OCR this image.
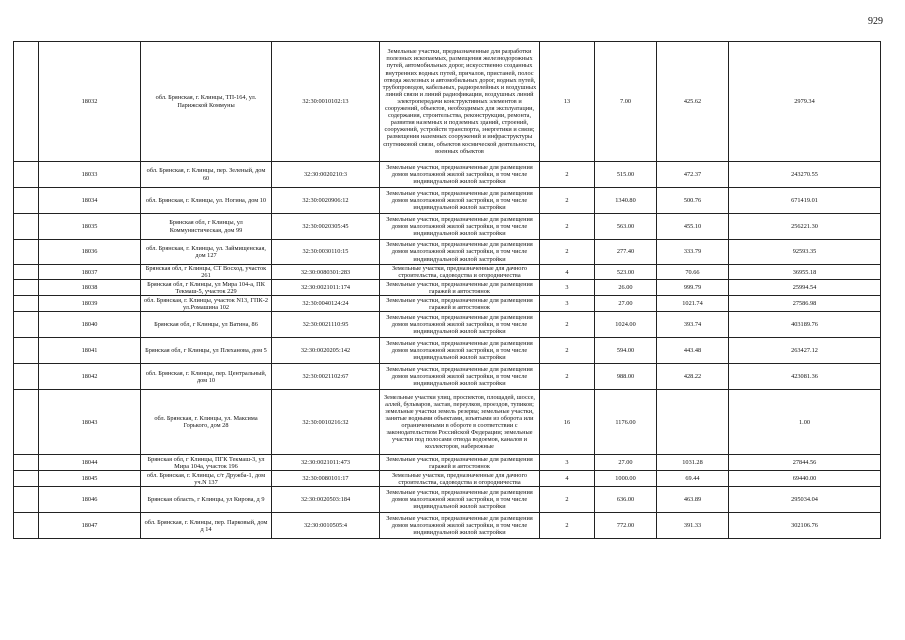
929
	18032	обл. Брянская, г. Клинцы, ТП-164, ул. Парижской Коммуны	32:30:0010102:13	Земельные участки, предназначенные для разработки полезных ископаемых, размещения железнодорожных путей, автомобильных дорог, искусственно созданных внутренних водных путей, причалов, пристаней, полос отвода железных и автомобильных дорог, водных путей, трубопроводов, кабельных, радиорелейных и воздушных линий связи и линий радиофикации, воздушных линий электропередачи конструктивных элементов и сооружений, объектов, необходимых для эксплуатации, содержания, строительства, реконструкции, ремонта, развития наземных и подземных зданий, строений, сооружений, устройств транспорта, энергетики и связи; размещения наземных сооружений и инфраструктуры спутниковой связи, объектов космической деятельности, военных объектов	13	7.00	425.62	2979.34
	18033	обл. Брянская, г. Клинцы, пер. Зеленый, дом 60	32:30:0020210:3	Земельные участки, предназначенные для размещения домов малоэтажной жилой застройки, в том числе индивидуальной жилой застройки	2	515.00	472.37	243270.55
	18034	обл. Брянская, г. Клинцы, ул. Ногина, дом 10	32:30:0020906:12	Земельные участки, предназначенные для размещения домов малоэтажной жилой застройки, в том числе индивидуальной жилой застройки	2	1340.80	500.76	671419.01
	18035	Брянская обл, г Клинцы, ул Коммунистическая, дом 99	32:30:0020305:45	Земельные участки, предназначенные для размещения домов малоэтажной жилой застройки, в том числе индивидуальной жилой застройки	2	563.00	455.10	256221.30
	18036	обл. Брянская, г. Клинцы, ул. Займищенская, дом 127	32:30:0030110:15	Земельные участки, предназначенные для размещения домов малоэтажной жилой застройки, в том числе индивидуальной жилой застройки	2	277.40	333.79	92593.35
	18037	Брянская обл, г Клинцы, СТ Восход, участок 261	32:30:0080301:283	Земельные участки, предназначенные для дачного строительства, садоводства и огородничества	4	523.00	70.66	36955.18
	18038	Брянская обл, г Клинцы, ул Мира 104-а, ПК Текмаш-5, участок 229	32:30:0021011:174	Земельные участки, предназначенные для размещения гаражей и автостоянок	3	26.00	999.79	25994.54
	18039	обл. Брянская, г. Клинцы, участок N13, ГПК-2 ул.Ромашина 102	32:30:0040124:24	Земельные участки, предназначенные для размещения гаражей и автостоянок	3	27.00	1021.74	27586.98
	18040	Брянская обл, г Клинцы, ул Ватина, 86	32:30:0021110:95	Земельные участки, предназначенные для размещения домов малоэтажной жилой застройки, в том числе индивидуальной жилой застройки	2	1024.00	393.74	403189.76
	18041	Брянская обл, г Клинцы, ул Плеханова, дом 5	32:30:0020205:142	Земельные участки, предназначенные для размещения домов малоэтажной жилой застройки, в том числе индивидуальной жилой застройки	2	594.00	443.48	263427.12
	18042	обл. Брянская, г. Клинцы, пер. Центральный, дом 10	32:30:0021102:67	Земельные участки, предназначенные для размещения домов малоэтажной жилой застройки, в том числе индивидуальной жилой застройки	2	988.00	428.22	423081.36
	18043	обл. Брянская, г. Клинцы, ул. Максима Горького, дом 28	32:30:0010216:32	Земельные участки улиц, проспектов, площадей, шоссе, аллей, бульваров, застав, переулков, проездов, тупиков; земельные участки земель резерва; земельные участки, занятые водными объектами, изъятыми из оборота или ограниченными в обороте в соответствии с законодательством Российской Федерации; земельные участки под полосами отвода водоемов, каналов и коллекторов, набережные	16	1176.00		1.00
	18044	Брянская обл, г Клинцы, ПГК Текмаш-3, ул Мира 104а, участок 196	32:30:0021011:473	Земельные участки, предназначенные для размещения гаражей и автостоянок	3	27.00	1031.28	27844.56
	18045	обл. Брянская, г. Клинцы, с/т Дружба-1, дом уч.N 137	32:30:0080101:17	Земельные участки, предназначенные для дачного строительства, садоводства и огородничества	4	1000.00	69.44	69440.00
	18046	Брянская область, г Клинцы, ул Кирова, д 9	32:30:0020503:184	Земельные участки, предназначенные для размещения домов малоэтажной жилой застройки, в том числе индивидуальной жилой застройки	2	636.00	463.89	295034.04
	18047	обл. Брянская, г. Клинцы, пер. Парковый, дом д 14	32:30:0010505:4	Земельные участки, предназначенные для размещения домов малоэтажной жилой застройки, в том числе индивидуальной жилой застройки	2	772.00	391.33	302106.76
